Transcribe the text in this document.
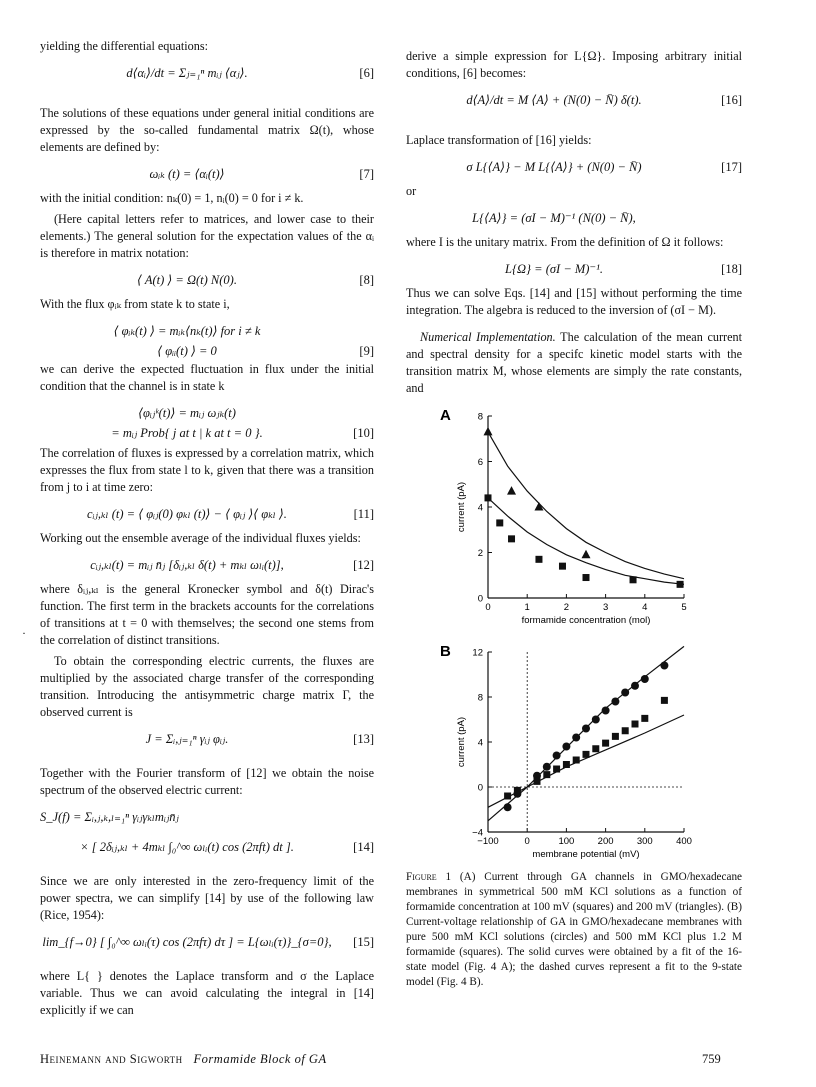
yielding the differential equations:

d⟨αᵢ⟩/dt = Σⱼ₌₁ⁿ mᵢⱼ ⟨αⱼ⟩.	[6]

The solutions of these equations under general initial conditions are expressed by the so-called fundamental matrix Ω(t), whose elements are defined by:

ωᵢₖ (t) = ⟨αᵢ(t)⟩	[7]

with the initial condition: nₖ(0) = 1, nᵢ(0) = 0 for i ≠ k.

(Here capital letters refer to matrices, and lower case to their elements.) The general solution for the expectation values of the αᵢ is therefore in matrix notation:

⟨ A(t) ⟩ = Ω(t) N(0).	[8]

With the flux φᵢₖ from state k to state i,

⟨ φᵢₖ(t) ⟩ = mᵢₖ⟨nₖ(t)⟩ for i ≠ k
⟨ φᵢᵢ(t) ⟩ = 0	[9]

we can derive the expected fluctuation in flux under the initial condition that the channel is in state k

⟨φᵢⱼᵏ(t)⟩ = mᵢⱼ ωⱼₖ(t)
= mᵢⱼ Prob{ j at t | k at t = 0 }.	[10]

The correlation of fluxes is expressed by a correlation matrix, which expresses the flux from state l to k, given that there was a transition from j to i at time zero:

cᵢⱼ,ₖₗ (t) = ⟨ φᵢⱼ(0) φₖₗ (t)⟩ − ⟨ φᵢⱼ ⟩⟨ φₖₗ ⟩.	[11]

Working out the ensemble average of the individual fluxes yields:

cᵢⱼ,ₖₗ(t) = mᵢⱼ n̄ⱼ [δᵢⱼ,ₖₗ δ(t) + mₖₗ ωₗᵢ(t)],	[12]

where δᵢⱼ,ₖₗ is the general Kronecker symbol and δ(t) Dirac's function. The first term in the brackets accounts for the correlations of transitions at t = 0 with themselves; the second one stems from the correlation of distinct transitions.

To obtain the corresponding electric currents, the fluxes are multiplied by the associated charge transfer of the corresponding transition. Introducing the antisymmetric charge matrix Γ, the observed current is

J = Σᵢ,ⱼ₌₁ⁿ γᵢⱼ φᵢⱼ.	[13]

Together with the Fourier transform of [12] we obtain the noise spectrum of the observed electric current:

S_J(f) = Σᵢ,ⱼ,ₖ,ₗ₌₁ⁿ γᵢⱼγₖₗmᵢⱼn̄ⱼ
× [ 2δᵢⱼ,ₖₗ + 4mₖₗ ∫₀^∞ ωₗᵢ(t) cos (2πft) dt ].	[14]

Since we are only interested in the zero-frequency limit of the power spectra, we can simplify [14] by use of the following law (Rice, 1954):

lim_{f→0} [ ∫₀^∞ ωₗᵢ(τ) cos (2πfτ) dτ ] = L{ωₗᵢ(τ)}_{σ=0}, [15]

where L{ } denotes the Laplace transform and σ the Laplace variable. Thus we can avoid calculating the integral in [14] explicitly if we can

·

derive a simple expression for L{Ω}. Imposing arbitrary initial conditions, [6] becomes:

d⟨A⟩/dt = M ⟨A⟩ + (N(0) − N̄) δ(t).	[16]

Laplace transformation of [16] yields:

σ L{⟨A⟩} − M L{⟨A⟩} + (N(0) − N̄)	[17]

or

L{⟨A⟩} = (σI − M)⁻¹ (N(0) − N̄),

where I is the unitary matrix. From the definition of Ω it follows:

L{Ω} = (σI − M)⁻¹.	[18]

Thus we can solve Eqs. [14] and [15] without performing the time integration. The algebra is reduced to the inversion of (σI − M).

Numerical Implementation. The calculation of the mean current and spectral density for a specifc kinetic model starts with the transition matrix M, whose elements are simply the rate constants, and

A
0	1	2	3	4	5
0
2
4
6
8
formamide concentration (mol)
current (pA)
B
−100	0	100 200 300 400
−4
0
4
8
12
membrane potential (mV)
current (pA)
Figure 1 (A) Current through GA channels in GMO/hexadecane membranes in symmetrical 500 mM KCl solutions as a function of formamide concentration at 100 mV (squares) and 200 mV (triangles). (B) Current-voltage relationship of GA in GMO/hexadecane membranes with pure 500 mM KCl solutions (circles) and 500 mM KCl plus 1.2 M formamide (squares). The solid curves were obtained by a fit of the 16-state model (Fig. 4 A); the dashed curves represent a fit to the 9-state model (Fig. 4 B).
Heinemann and Sigworth Formamide Block of GA	759
